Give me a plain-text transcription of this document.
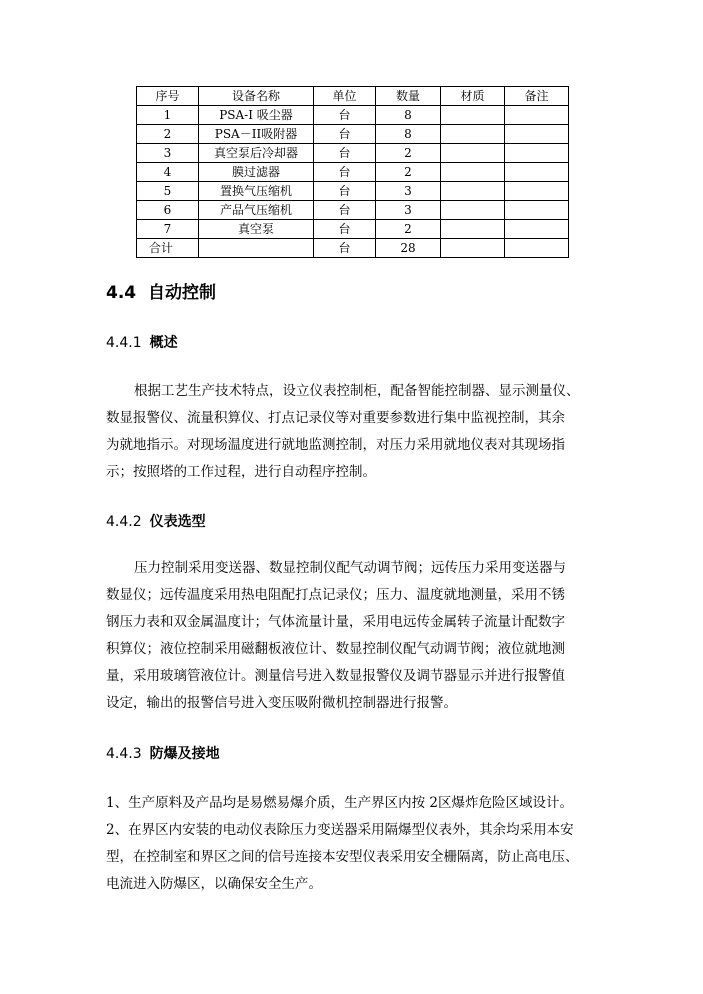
序号	设备名称	单位	数量	材质	备注
1	PSA-I 吸尘器	台	8		
2	PSA－II吸附器	台	8		
3	真空泵后冷却器	台	2		
4	膜过滤器	台	2		
5	置换气压缩机	台	3		
6	产品气压缩机	台	3		
7	真空泵	台	2		
合计		台	28		
4.4 自动控制
4.4.1 概述
根据工艺生产技术特点，设立仪表控制柜，配备智能控制器、显示测量仪、
数显报警仪、流量积算仪、打点记录仪等对重要参数进行集中监视控制，其余
为就地指示。对现场温度进行就地监测控制，对压力采用就地仪表对其现场指
示；按照塔的工作过程，进行自动程序控制。
4.4.2 仪表选型
压力控制采用变送器、数显控制仪配气动调节阀；远传压力采用变送器与
数显仪；远传温度采用热电阻配打点记录仪；压力、温度就地测量，采用不锈
钢压力表和双金属温度计；气体流量计量，采用电远传金属转子流量计配数字
积算仪；液位控制采用磁翻板液位计、数显控制仪配气动调节阀；液位就地测
量，采用玻璃管液位计。测量信号进入数显报警仪及调节器显示并进行报警值
设定，输出的报警信号进入变压吸附微机控制器进行报警。
4.4.3 防爆及接地
1、生产原料及产品均是易燃易爆介质，生产界区内按 2区爆炸危险区域设计。
2、在界区内安装的电动仪表除压力变送器采用隔爆型仪表外，其余均采用本安
型，在控制室和界区之间的信号连接本安型仪表采用安全栅隔离，防止高电压、
电流进入防爆区，以确保安全生产。
